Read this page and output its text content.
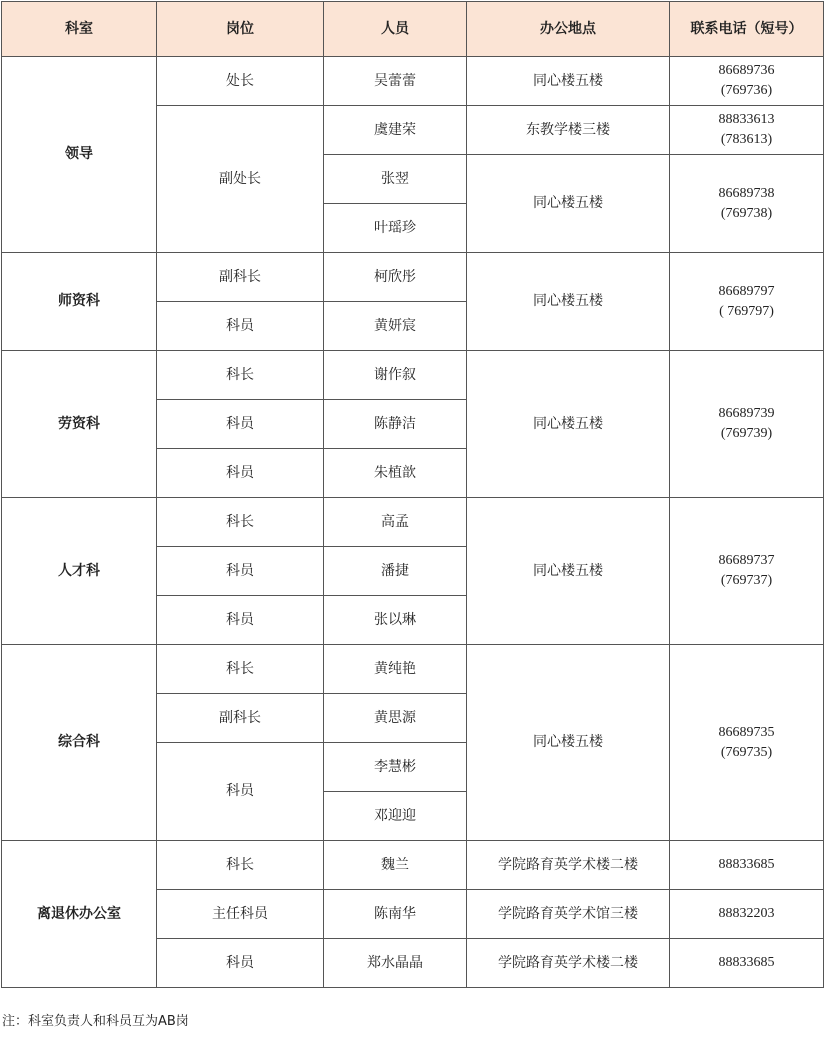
科室	岗位	人员	办公地点	联系电话（短号）
领导	处长	吴蕾蕾	同心楼五楼	86689736
(769736)

	副处长	虞建荣	东教学楼三楼	88833613
(783613)

		张翌	同心楼五楼	86689738
(769738)

		叶瑶珍		
师资科	副科长	柯欣彤	同心楼五楼	86689797
( 769797)

	科员	黄妍宸		
劳资科	科长	谢作叙	同心楼五楼	86689739
(769739)

	科员	陈静洁		
	科员	朱植歆		
人才科	科长	高孟	同心楼五楼	86689737
(769737)

	科员	潘捷		
	科员	张以琳		
综合科	科长	黄纯艳	同心楼五楼	86689735
(769735)

	副科长	黄思源		
	科员	李慧彬		
		邓迎迎		
离退休办公室	科长	魏兰	学院路育英学术楼二楼	88833685

	主任科员	陈南华	学院路育英学术馆三楼	88832203

	科员	郑水晶晶	学院路育英学术楼二楼	88833685
注：科室负责人和科员互为AB岗
